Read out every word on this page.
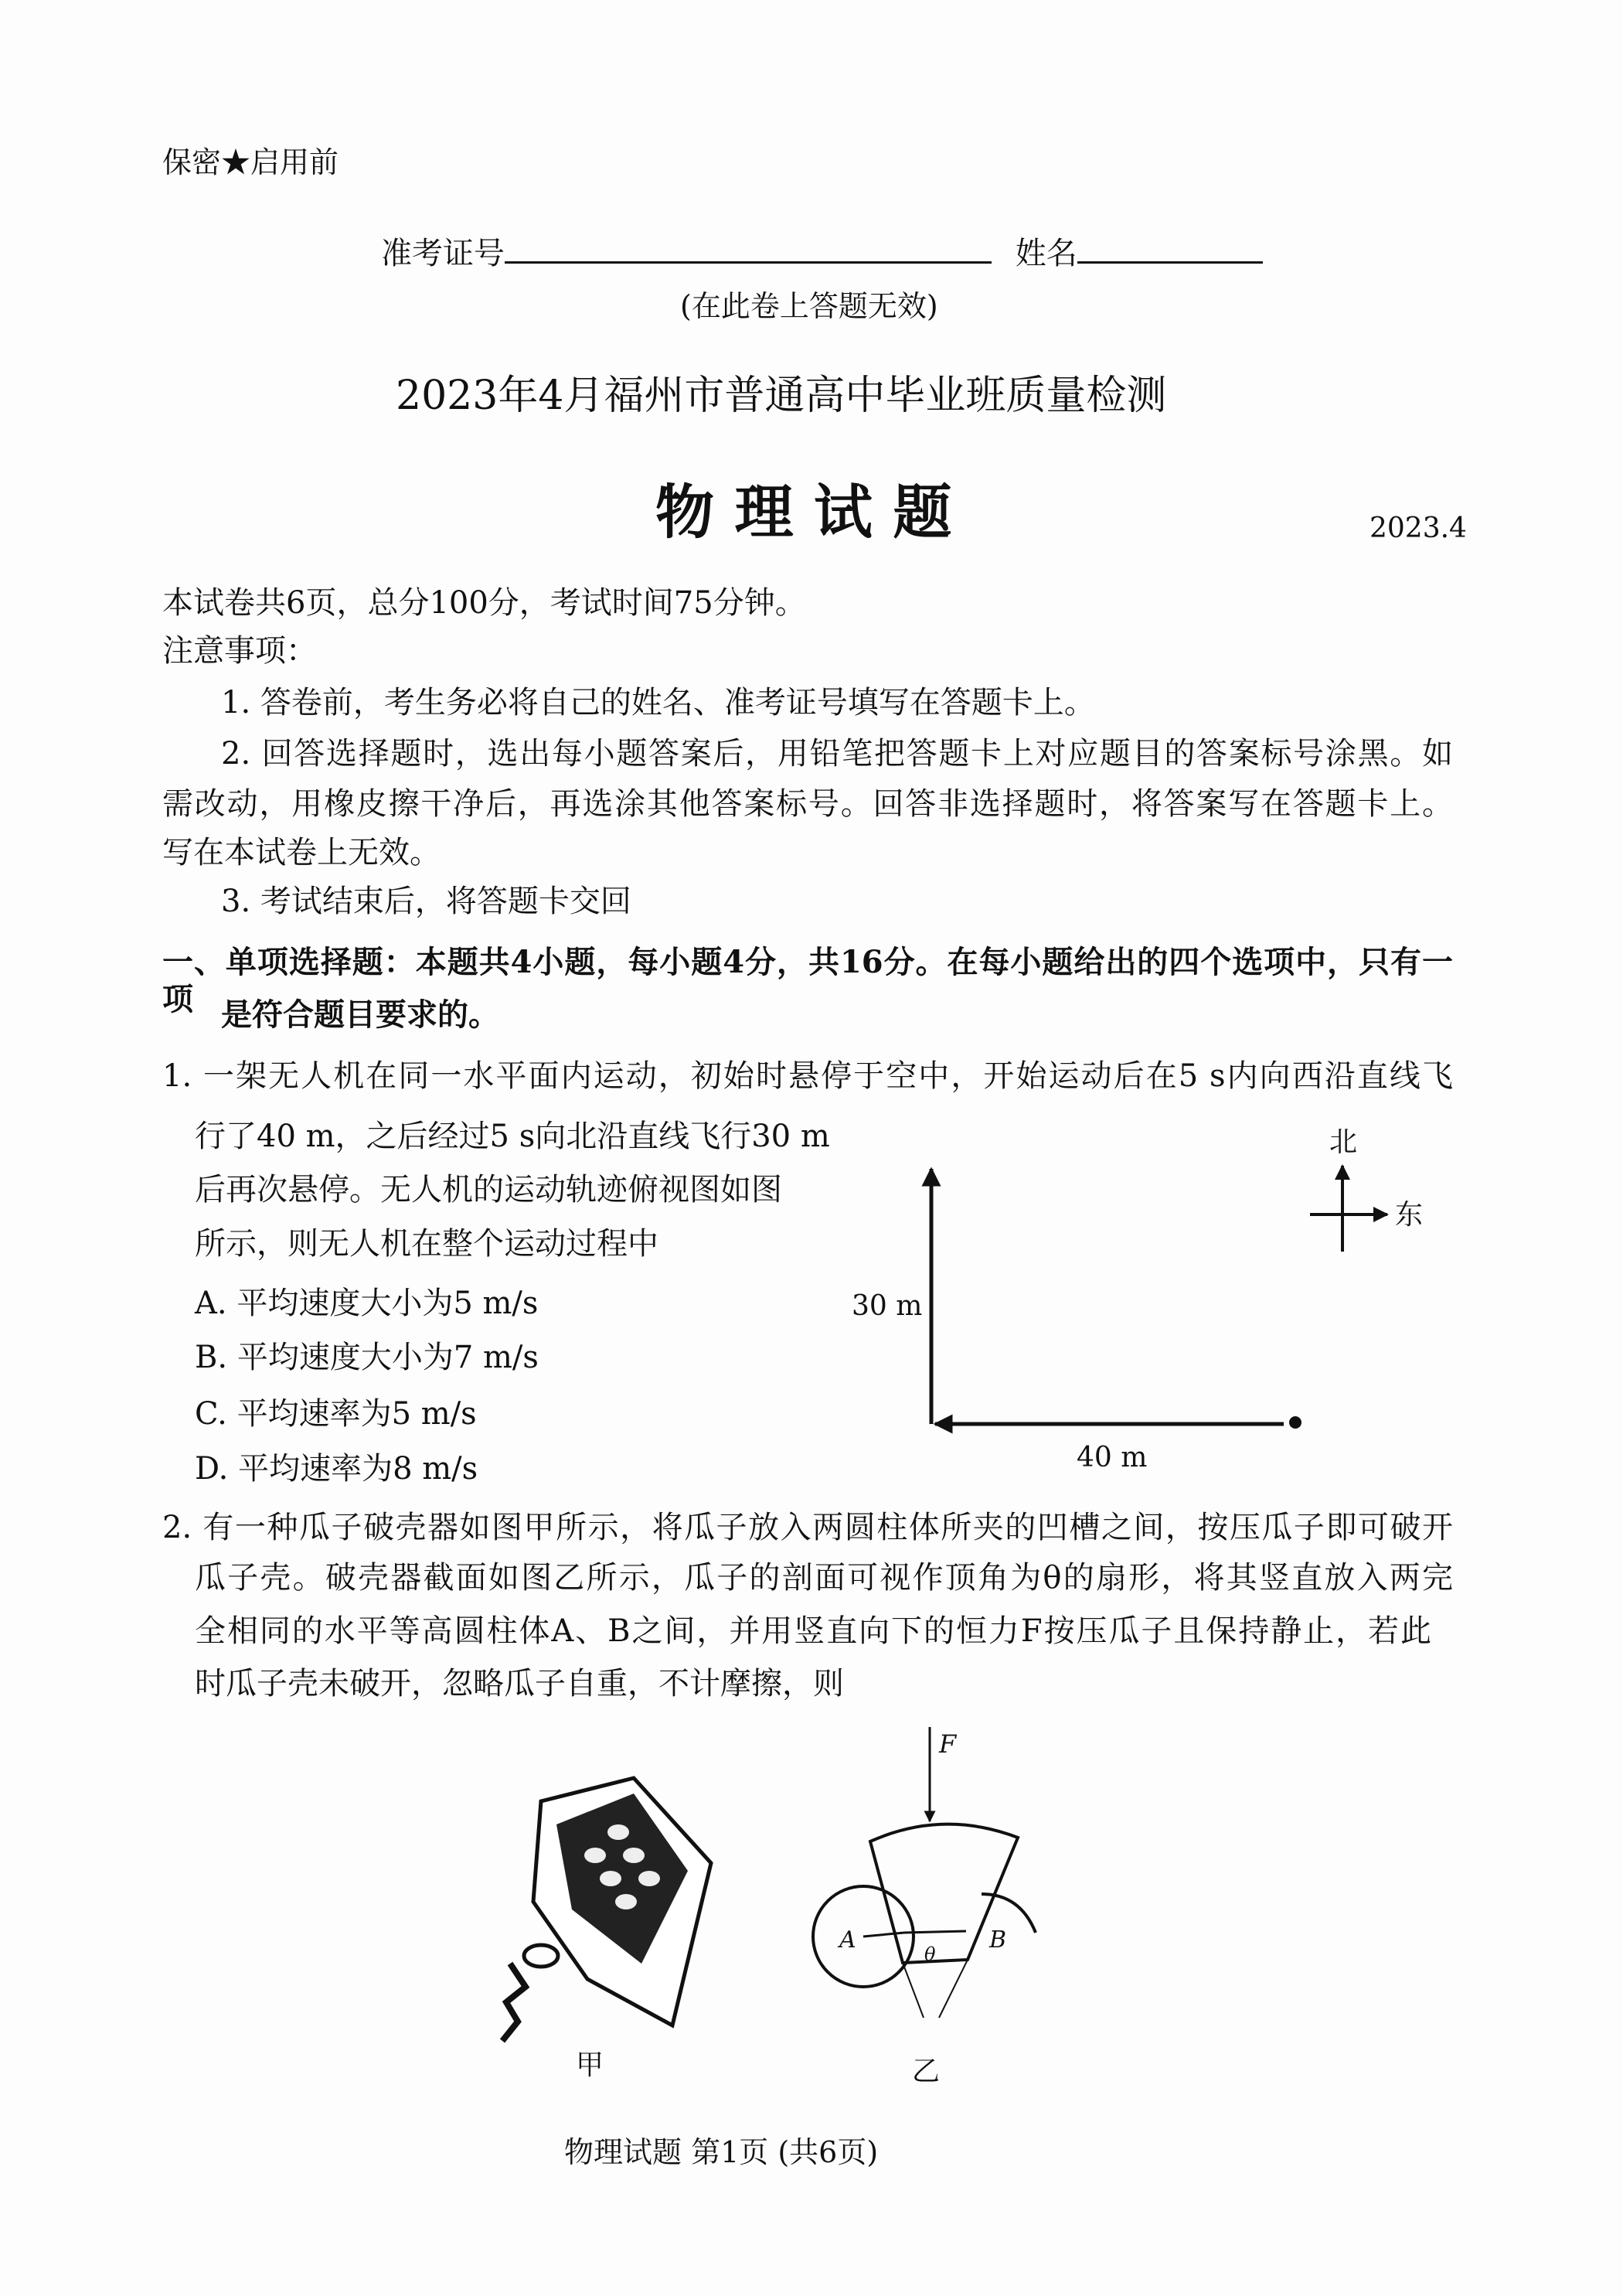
保密★启用前
准考证号	姓名
(在此卷上答题无效)
2023年4月福州市普通高中毕业班质量检测
物 理 试 题	2023.4
本试卷共6页，总分100分，考试时间75分钟。
注意事项：
1. 答卷前，考生务必将自己的姓名、准考证号填写在答题卡上。
2. 回答选择题时，选出每小题答案后，用铅笔把答题卡上对应题目的答案标号涂黑。如
需改动，用橡皮擦干净后，再选涂其他答案标号。回答非选择题时，将答案写在答题卡上。
写在本试卷上无效。
3. 考试结束后，将答题卡交回
一、单项选择题：本题共4小题，每小题4分，共16分。在每小题给出的四个选项中，只有一项 是符合题目要求的。
1. 一架无人机在同一水平面内运动，初始时悬停于空中，开始运动后在5 s内向西沿直线飞
行了40 m，之后经过5 s向北沿直线飞行30 m
后再次悬停。无人机的运动轨迹俯视图如图
所示，则无人机在整个运动过程中
A. 平均速度大小为5 m/s
B. 平均速度大小为7 m/s
C. 平均速率为5 m/s
D. 平均速率为8 m/s
2. 有一种瓜子破壳器如图甲所示，将瓜子放入两圆柱体所夹的凹槽之间，按压瓜子即可破开
瓜子壳。破壳器截面如图乙所示，瓜子的剖面可视作顶角为θ的扇形，将其竖直放入两完
全相同的水平等高圆柱体A、B之间，并用竖直向下的恒力F按压瓜子且保持静止，若此
时瓜子壳未破开，忽略瓜子自重，不计摩擦，则
30 m
40 m
北
东
F
A	B
θ
甲	乙
物理试题 第1页 (共6页)
